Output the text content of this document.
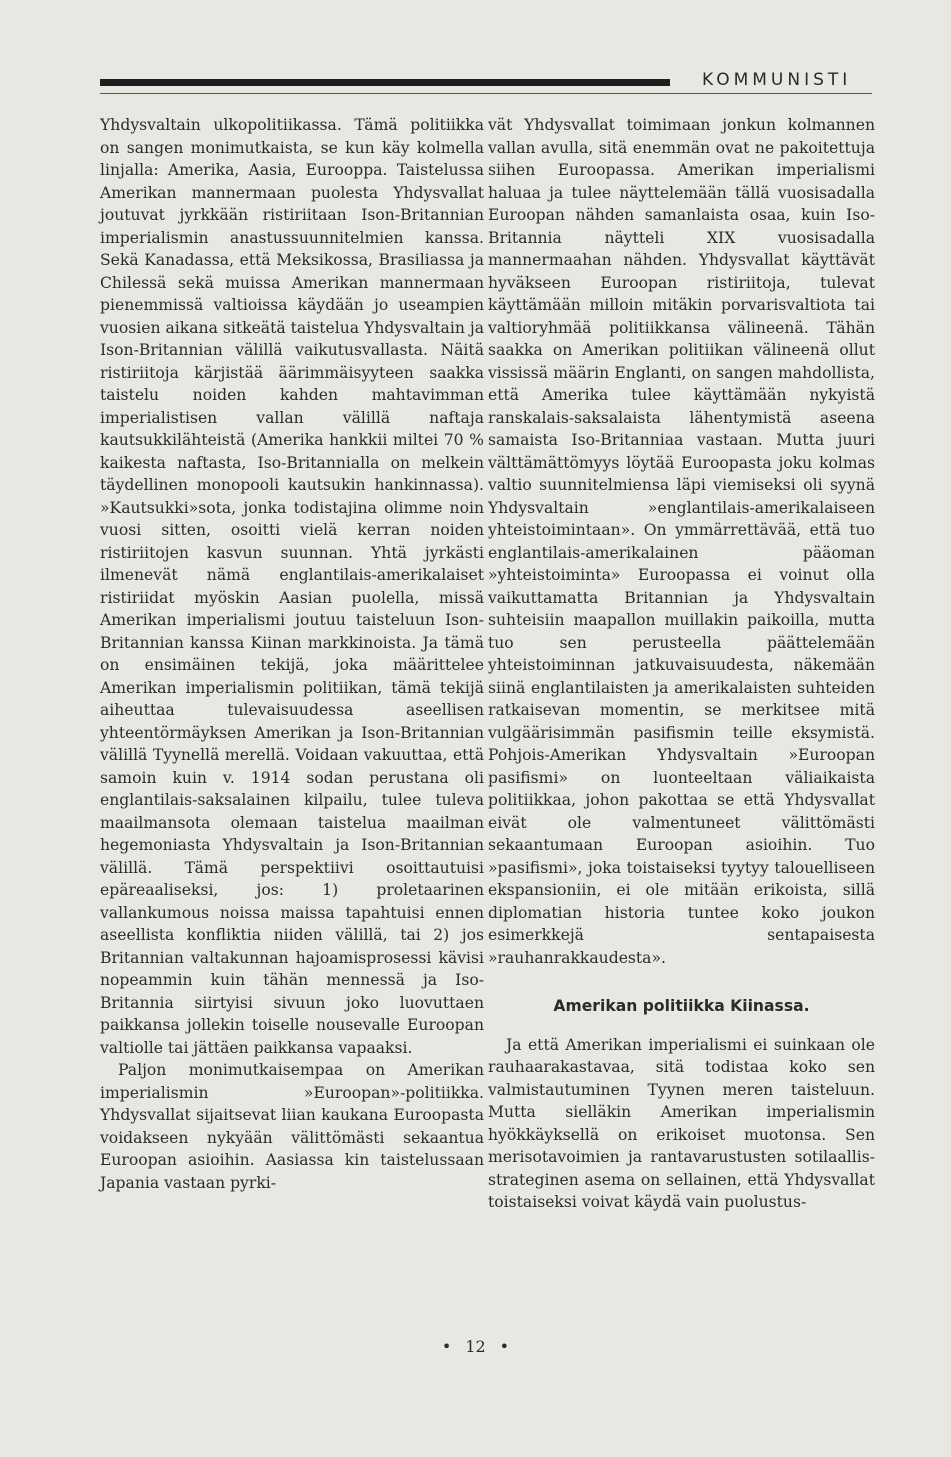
KOMMUNISTI

Yhdysvaltain ulkopolitiikassa. Tämä politiikka on sangen monimutkaista, se kun käy kolmella linjalla: Amerika, Aasia, Eurooppa. Taistelussa Amerikan mannermaan puolesta Yhdysvallat joutuvat jyrkkään ristiriitaan Ison-Britannian imperialismin anastussuunnitelmien kanssa. Sekä Kanadassa, että Meksikossa, Brasiliassa ja Chilessä sekä muissa Amerikan mannermaan pienemmissä valtioissa käydään jo useampien vuosien aikana sitkeätä taistelua Yhdysvaltain ja Ison-Britannian välillä vaikutusvallasta. Näitä ristiriitoja kärjistää äärimmäisyyteen saakka taistelu noiden kahden mahtavimman imperialistisen vallan välillä naftaja kautsukkilähteistä (Amerika hankkii miltei 70 % kaikesta naftasta, Iso-Britannialla on melkein täydellinen monopooli kautsukin hankinnassa). »Kautsukki»sota, jonka todistajina olimme noin vuosi sitten, osoitti vielä kerran noiden ristiriitojen kasvun suunnan. Yhtä jyrkästi ilmenevät nämä englantilais-amerikalaiset ristiriidat myöskin Aasian puolella, missä Amerikan imperialismi joutuu taisteluun Ison-Britannian kanssa Kiinan markkinoista. Ja tämä on ensimäinen tekijä, joka määrittelee Amerikan imperialismin politiikan, tämä tekijä aiheuttaa tulevaisuudessa aseellisen yhteentörmäyksen Amerikan ja Ison-Britannian välillä Tyynellä merellä. Voidaan vakuuttaa, että samoin kuin v. 1914 sodan perustana oli englantilais-saksalainen kilpailu, tulee tuleva maailmansota olemaan taistelua maailman hegemoniasta Yhdysvaltain ja Ison-Britannian välillä. Tämä perspektiivi osoittautuisi epäreaaliseksi, jos: 1) proletaarinen vallankumous noissa maissa tapahtuisi ennen aseellista konfliktia niiden välillä, tai 2) jos Britannian valtakunnan hajoamisprosessi kävisi nopeammin kuin tähän mennessä ja Iso-Britannia siirtyisi sivuun joko luovuttaen paikkansa jollekin toiselle nousevalle Euroopan valtiolle tai jättäen paikkansa vapaaksi.

Paljon monimutkaisempaa on Amerikan imperialismin »Euroopan»-politiikka. Yhdysvallat sijaitsevat liian kaukana Euroopasta voidakseen nykyään välittömästi sekaantua Euroopan asioihin. Aasiassa kin taistelussaan Japania vastaan pyrki-

vät Yhdysvallat toimimaan jonkun kolmannen vallan avulla, sitä enemmän ovat ne pakoitettuja siihen Euroopassa. Amerikan imperialismi haluaa ja tulee näyttelemään tällä vuosisadalla Euroopan nähden samanlaista osaa, kuin Iso-Britannia näytteli XIX vuosisadalla mannermaahan nähden. Yhdysvallat käyttävät hyväkseen Euroopan ristiriitoja, tulevat käyttämään milloin mitäkin porvarisvaltiota tai valtioryhmää politiikkansa välineenä. Tähän saakka on Amerikan politiikan välineenä ollut vississä määrin Englanti, on sangen mahdollista, että Amerika tulee käyttämään nykyistä ranskalais-saksalaista lähentymistä aseena samaista Iso-Britanniaa vastaan. Mutta juuri välttämättömyys löytää Euroopasta joku kolmas valtio suunnitelmiensa läpi viemiseksi oli syynä Yhdysvaltain »englantilais-amerikalaiseen yhteistoimintaan». On ymmärrettävää, että tuo englantilais-amerikalainen pääoman »yhteistoiminta» Euroopassa ei voinut olla vaikuttamatta Britannian ja Yhdysvaltain suhteisiin maapallon muillakin paikoilla, mutta tuo sen perusteella päättelemään yhteistoiminnan jatkuvaisuudesta, näkemään siinä englantilaisten ja amerikalaisten suhteiden ratkaisevan momentin, se merkitsee mitä vulgäärisimmän pasifismin teille eksymistä. Pohjois-Amerikan Yhdysvaltain »Euroopan pasifismi» on luonteeltaan väliaikaista politiikkaa, johon pakottaa se että Yhdysvallat eivät ole valmentuneet välittömästi sekaantumaan Euroopan asioihin. Tuo »pasifismi», joka toistaiseksi tyytyy talouelliseen ekspansioniin, ei ole mitään erikoista, sillä diplomatian historia tuntee koko joukon esimerkkejä sentapaisesta »rauhanrakkaudesta».

Amerikan politiikka Kiinassa.

Ja että Amerikan imperialismi ei suinkaan ole rauhaarakastavaa, sitä todistaa koko sen valmistautuminen Tyynen meren taisteluun. Mutta sielläkin Amerikan imperialismin hyökkäyksellä on erikoiset muotonsa. Sen merisotavoimien ja rantavarustusten sotilaallis-strateginen asema on sellainen, että Yhdysvallat toistaiseksi voivat käydä vain puolustus-

• 12 •
